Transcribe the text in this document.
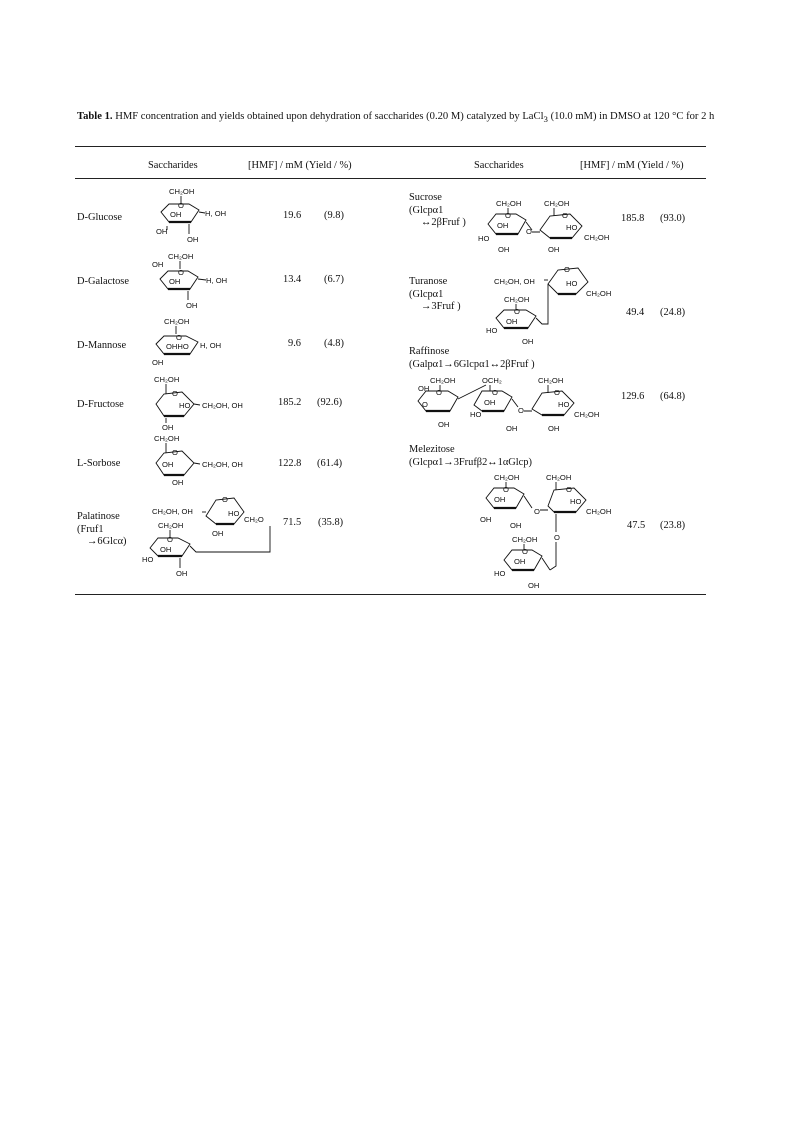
Table 1. HMF concentration and yields obtained upon dehydration of saccharides (0.20 M) catalyzed by LaCl$_3$ (10.0 mM) in DMSO at 120 °C for 2 h
Saccharides	[HMF] / mM (Yield / %)	Saccharides	[HMF] / mM (Yield / %)
D-Glucose	19.6 (9.8)
D-Galactose	13.4 (6.7)
D-Mannose	9.6 (4.8)
D-Fructose	185.2 (92.6)
L-Sorbose	122.8 (61.4)
Palatinose
(Fruf1
→6Glcα)
71.5 (35.8)
Sucrose
(Glcpα1
↔2βFruf )	185.8 (93.0)
Turanose
(Glcpα1
→3Fruf )
49.4 (24.8)
Raffinose
(Galpα1→6Glcpα1↔2βFruf )
129.6 (64.8)
Melezitose
(Glcpα1→3Frufβ2↔1αGlcp)
47.5 (23.8)
CH₂OH
O
OH	H, OH
OH
OH
CH₂OH
OH
O
OH	H, OH
OH
CH₂OH
O
OHHO H, OH
OH
CH₂OH
O
HO CH₂OH, OH
OH
CH₂OH
O
OH	CH₂OH, OH
OH
CH₂OH, OH
O
HO
CH₂O
OH
CH₂OH
O
OH
HO
OH
CH₂OH
O
OH
HO
OH
O
CH₂OH
O
HO
CH₂OH
OH
CH₂OH, OH
O
HO
CH₂OH
CH₂OH
O
OH
HO
OH
CH₂OH
OH O
O
OH
OCH₂
O
OH
HO
OH
O
CH₂OH
O
HO
CH₂OH
OH
CH₂OH
O
OH
OH
OH
O
CH₂OH
O
HO
CH₂OH
O
CH₂OH
O
OH
HO
OH
